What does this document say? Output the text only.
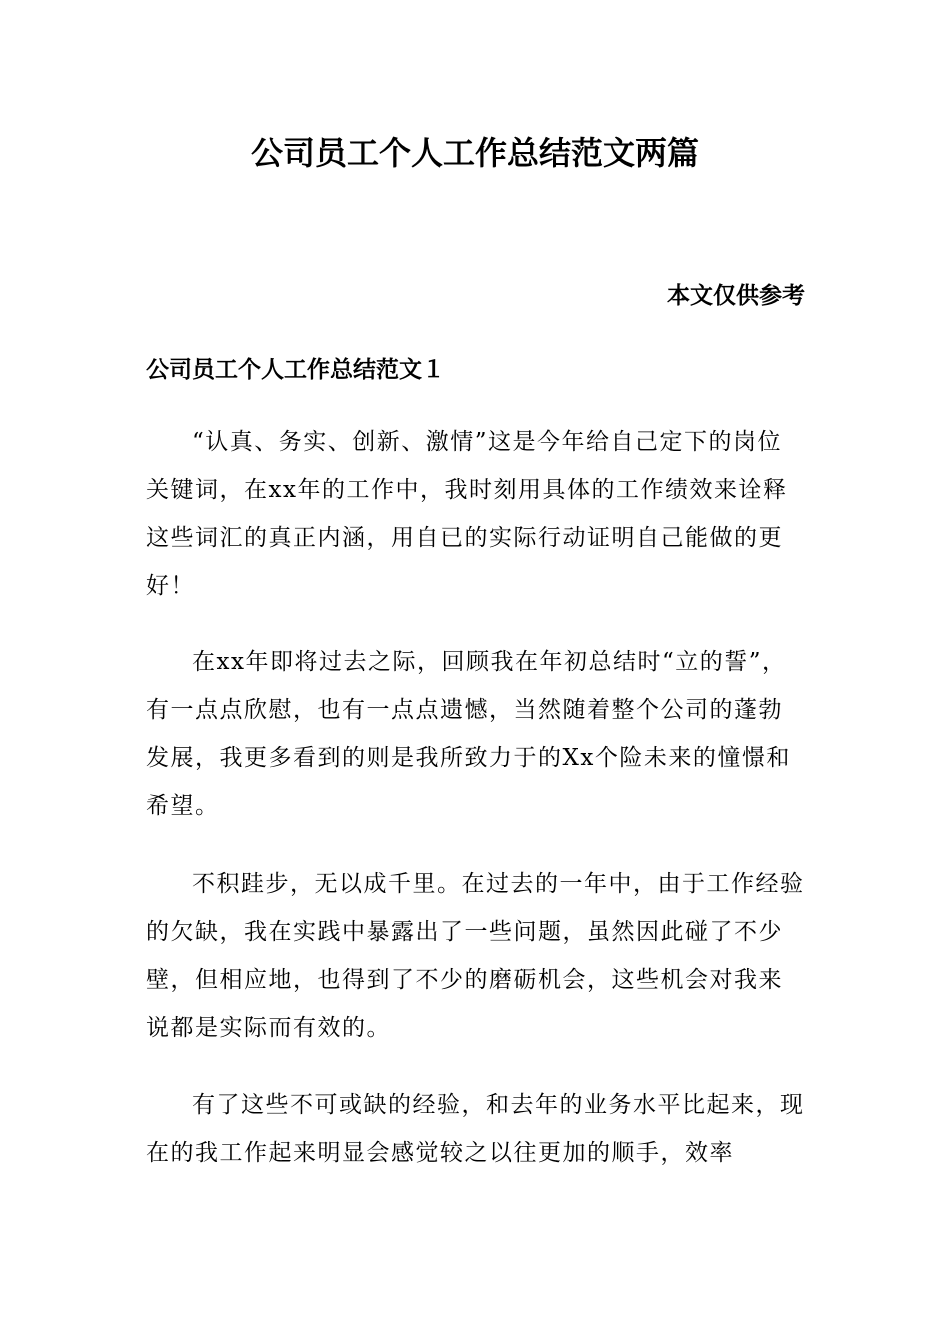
公司员工个人工作总结范文两篇

本文仅供参考

公司员工个人工作总结范文１

“认真、务实、创新、激情”这是今年给自己定下的岗位关键词，在xx年的工作中，我时刻用具体的工作绩效来诠释这些词汇的真正内涵，用自已的实际行动证明自己能做的更好！

在xx年即将过去之际，回顾我在年初总结时“立的誓”，有一点点欣慰，也有一点点遗憾，当然随着整个公司的蓬勃发展，我更多看到的则是我所致力于的Xx个险未来的憧憬和希望。

不积跬步，无以成千里。在过去的一年中，由于工作经验的欠缺，我在实践中暴露出了一些问题，虽然因此碰了不少壁，但相应地，也得到了不少的磨砺机会，这些机会对我来说都是实际而有效的。

有了这些不可或缺的经验，和去年的业务水平比起来，现在的我工作起来明显会感觉较之以往更加的顺手，效率
